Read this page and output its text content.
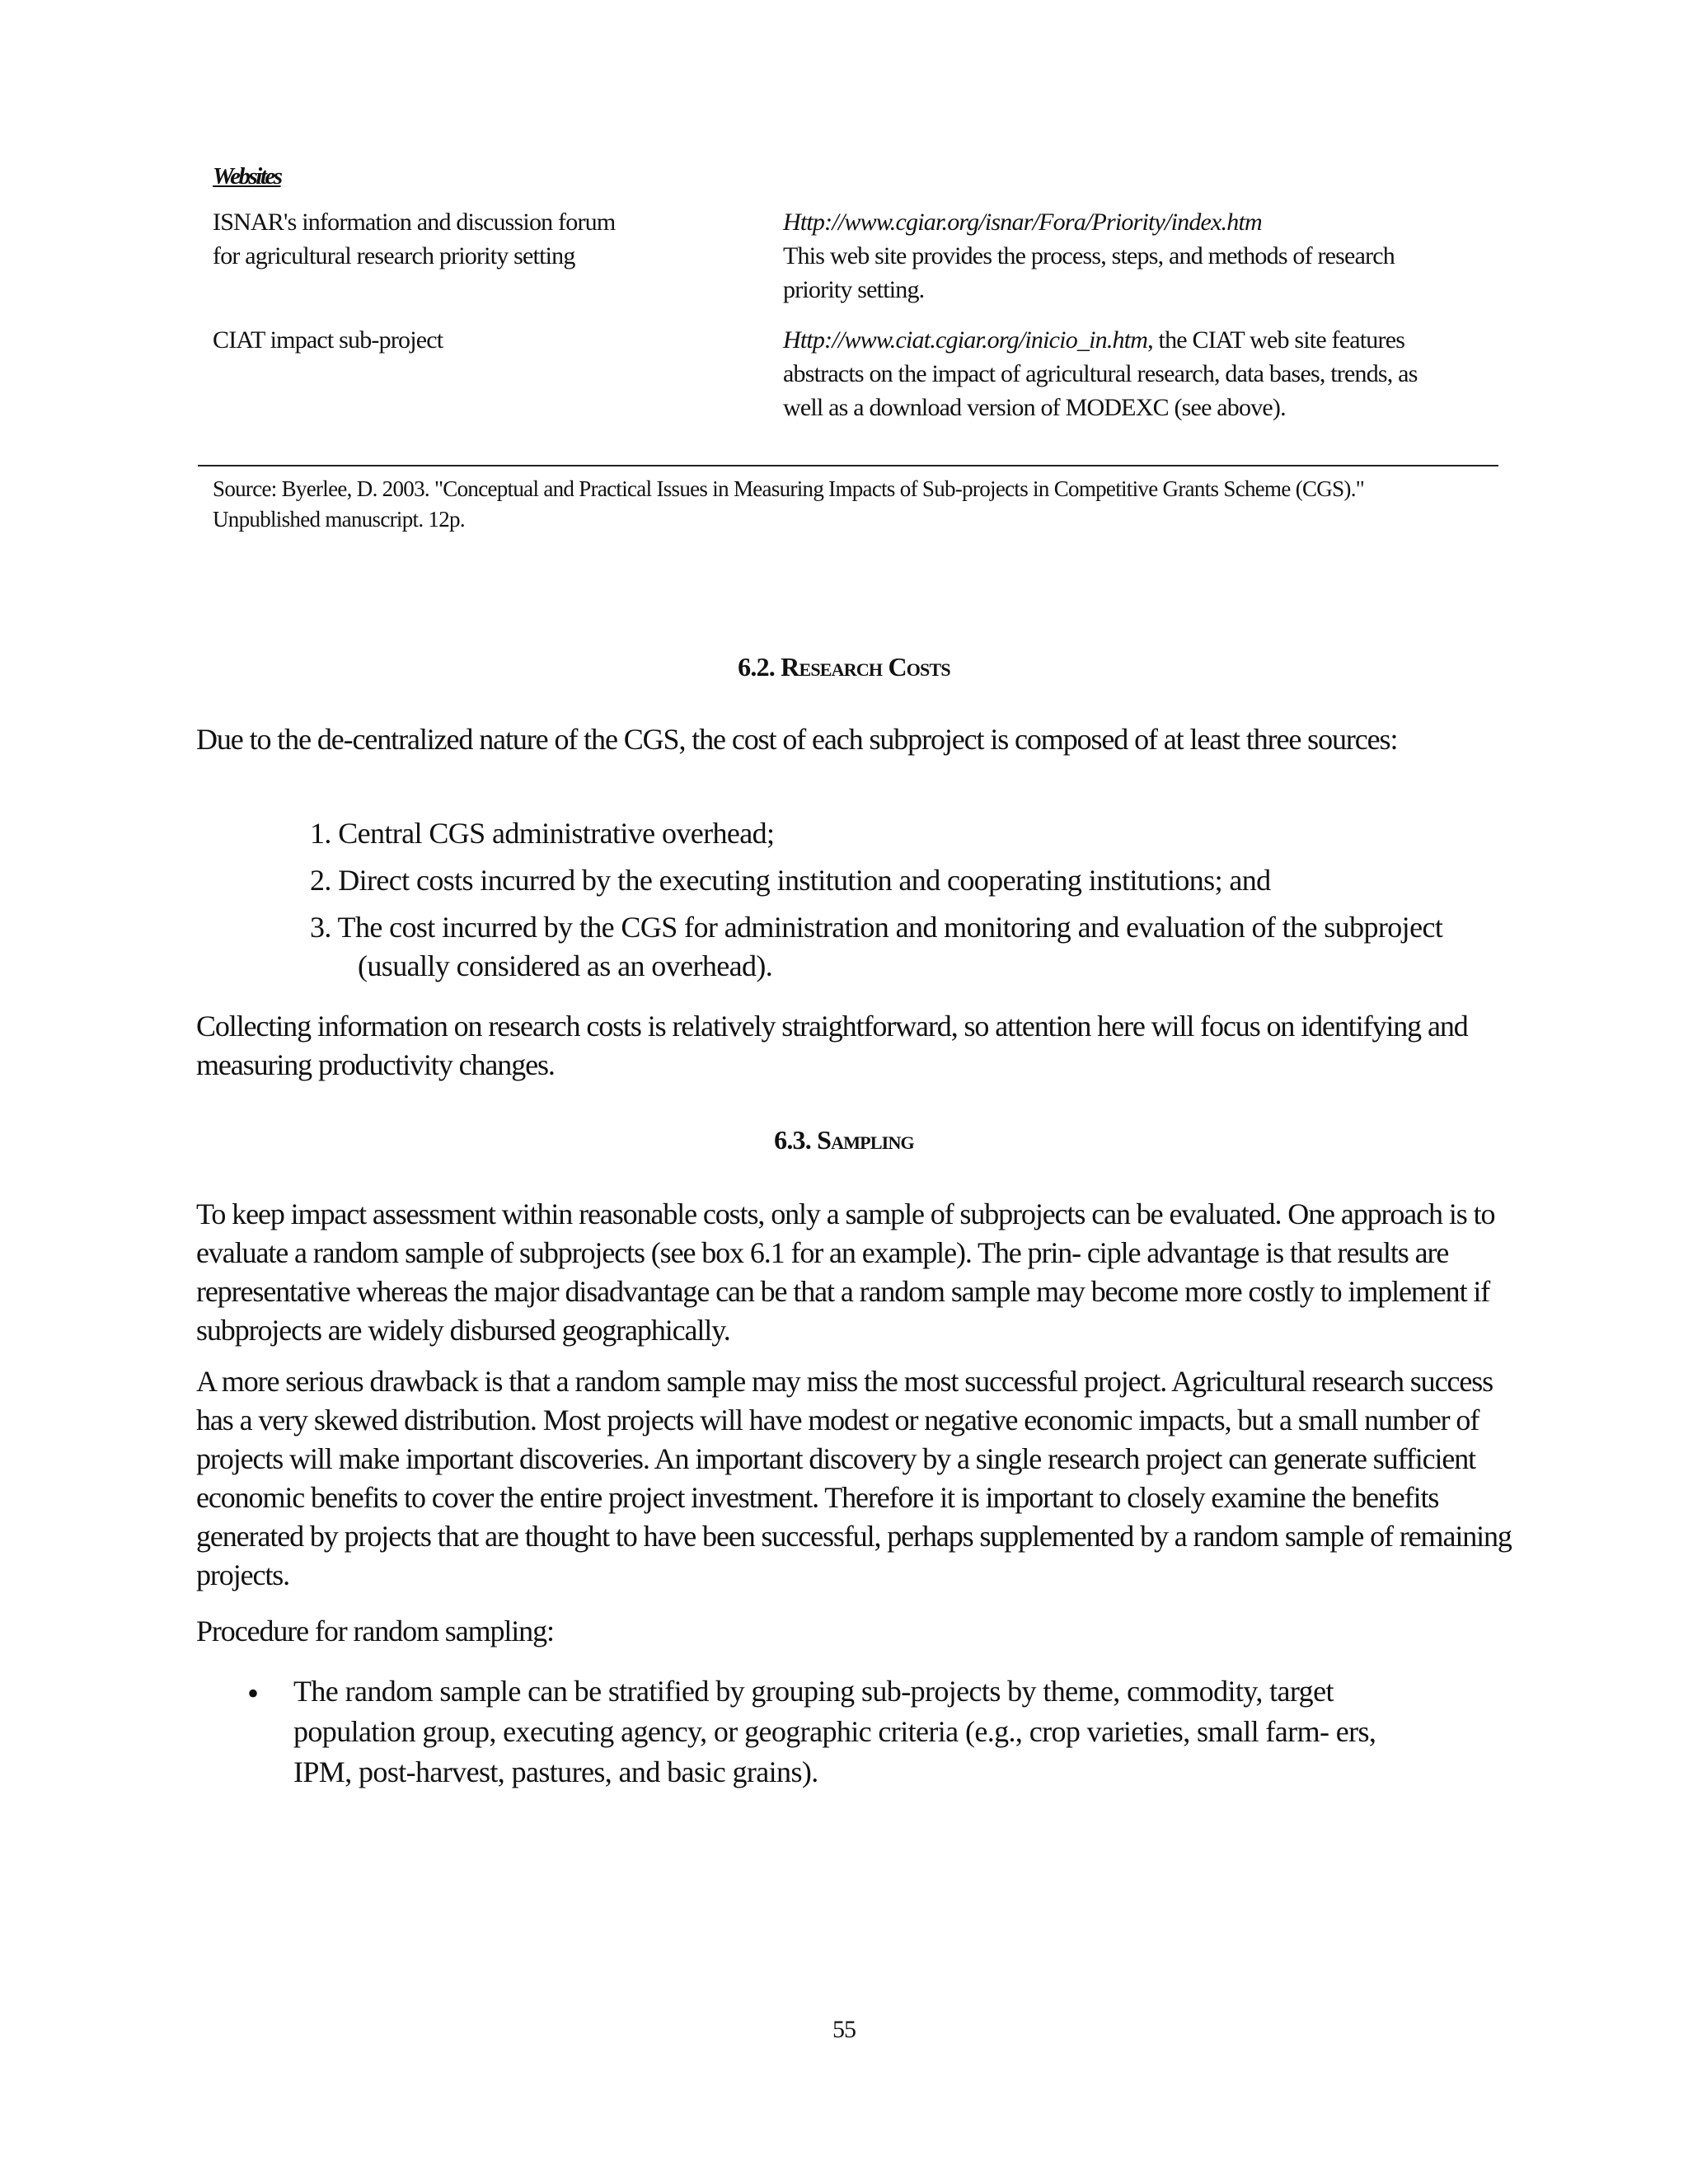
Websites
ISNAR's information and discussion forum
for agricultural research priority setting
Http://www.cgiar.org/isnar/Fora/Priority/index.htm
This web site provides the process, steps, and methods of research priority setting.
CIAT impact sub-project	Http://www.ciat.cgiar.org/inicio_in.htm, the CIAT web site features abstracts on the impact of agricultural research, data bases, trends, as well as a download version of MODEXC (see above).
Source: Byerlee, D. 2003. "Conceptual and Practical Issues in Measuring Impacts of Sub-projects in Competitive Grants Scheme (CGS)." Unpublished manuscript. 12p.
6.2. Research Costs
Due to the de-centralized nature of the CGS, the cost of each subproject is composed of at least three sources:
1. Central CGS administrative overhead;
2. Direct costs incurred by the executing institution and cooperating institutions; and
3. The cost incurred by the CGS for administration and monitoring and evaluation of the subproject (usually considered as an overhead).
Collecting information on research costs is relatively straightforward, so attention here will focus on identifying and measuring productivity changes.
6.3. Sampling
To keep impact assessment within reasonable costs, only a sample of subprojects can be evaluated. One approach is to evaluate a random sample of subprojects (see box 6.1 for an example). The prin- ciple advantage is that results are representative whereas the major disadvantage can be that a random sample may become more costly to implement if subprojects are widely disbursed geographically.
A more serious drawback is that a random sample may miss the most successful project. Agricultural research success has a very skewed distribution. Most projects will have modest or negative economic impacts, but a small number of projects will make important discoveries. An important discovery by a single research project can generate sufficient economic benefits to cover the entire project investment. Therefore it is important to closely examine the benefits generated by projects that are thought to have been successful, perhaps supplemented by a random sample of remaining projects.
Procedure for random sampling:
• The random sample can be stratified by grouping sub-projects by theme, commodity, target population group, executing agency, or geographic criteria (e.g., crop varieties, small farm- ers, IPM, post-harvest, pastures, and basic grains).
55
